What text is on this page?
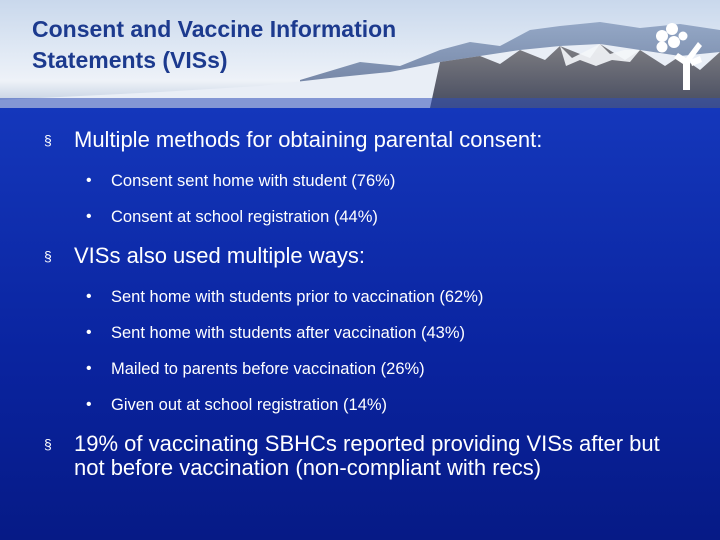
Consent and Vaccine Information
Statements (VISs)
§ Multiple methods for obtaining parental consent:
• Consent sent home with student (76%)
• Consent at school registration (44%)
§ VISs also used multiple ways:
• Sent home with students prior to vaccination (62%)
• Sent home with students after vaccination (43%)
• Mailed to parents before vaccination (26%)
• Given out at school registration (14%)
§ 19% of vaccinating SBHCs reported providing VISs after but not before vaccination (non-compliant with recs)
